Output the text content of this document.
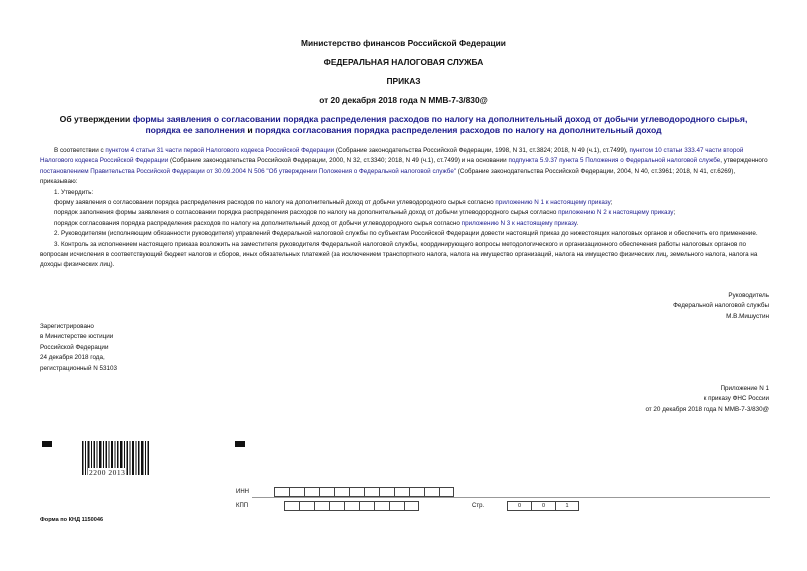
Министерство финансов Российской Федерации
ФЕДЕРАЛЬНАЯ НАЛОГОВАЯ СЛУЖБА
ПРИКАЗ
от 20 декабря 2018 года N ММВ-7-3/830@
Об утверждении формы заявления о согласовании порядка распределения расходов по налогу на дополнительный доход от добычи углеводородного сырья,
порядка ее заполнения и порядка согласования порядка распределения расходов по налогу на дополнительный доход

В соответствии с пунктом 4 статьи 31 части первой Налогового кодекса Российской Федерации (Собрание законодательства Российской Федерации, 1998, N 31, ст.3824; 2018, N 49 (ч.1), ст.7499), пунктом 10 статьи 333.47 части второй Налогового кодекса Российской Федерации (Собрание законодательства Российской Федерации, 2000, N 32, ст.3340; 2018, N 49 (ч.1), ст.7499) и на основании подпункта 5.9.37 пункта 5 Положения о Федеральной налоговой службе, утвержденного постановлением Правительства Российской Федерации от 30.09.2004 N 506 "Об утверждении Положения о Федеральной налоговой службе" (Собрание законодательства Российской Федерации, 2004, N 40, ст.3961; 2018, N 41, ст.6269),

приказываю:

1. Утвердить:

форму заявления о согласовании порядка распределения расходов по налогу на дополнительный доход от добычи углеводородного сырья согласно приложению N 1 к настоящему приказу;

порядок заполнения формы заявления о согласовании порядка распределения расходов по налогу на дополнительный доход от добычи углеводородного сырья согласно приложению N 2 к настоящему приказу;

порядок согласования порядка распределения расходов по налогу на дополнительный доход от добычи углеводородного сырья согласно приложению N 3 к настоящему приказу.

2. Руководителям (исполняющим обязанности руководителя) управлений Федеральной налоговой службы по субъектам Российской Федерации довести настоящий приказ до нижестоящих налоговых органов и обеспечить его применение.

3. Контроль за исполнением настоящего приказа возложить на заместителя руководителя Федеральной налоговой службы, координирующего вопросы методологического и организационного обеспечения работы налоговых органов по вопросам исчисления в соответствующий бюджет налогов и сборов, иных обязательных платежей (за исключением транспортного налога, налога на имущество организаций, налога на имущество физических лиц, земельного налога, налога на доходы физических лиц).

Руководитель
Федеральной налоговой службы
М.В.Мишустин
Зарегистрировано
в Министерстве юстиции
Российской Федерации
24 декабря 2018 года,
регистрационный N 53103
Приложение N 1
к приказу ФНС России
от 20 декабря 2018 года N ММВ-7-3/830@
2200 2013
ИНН
КПП	Стр.	0	0	1
Форма по КНД 1150046
